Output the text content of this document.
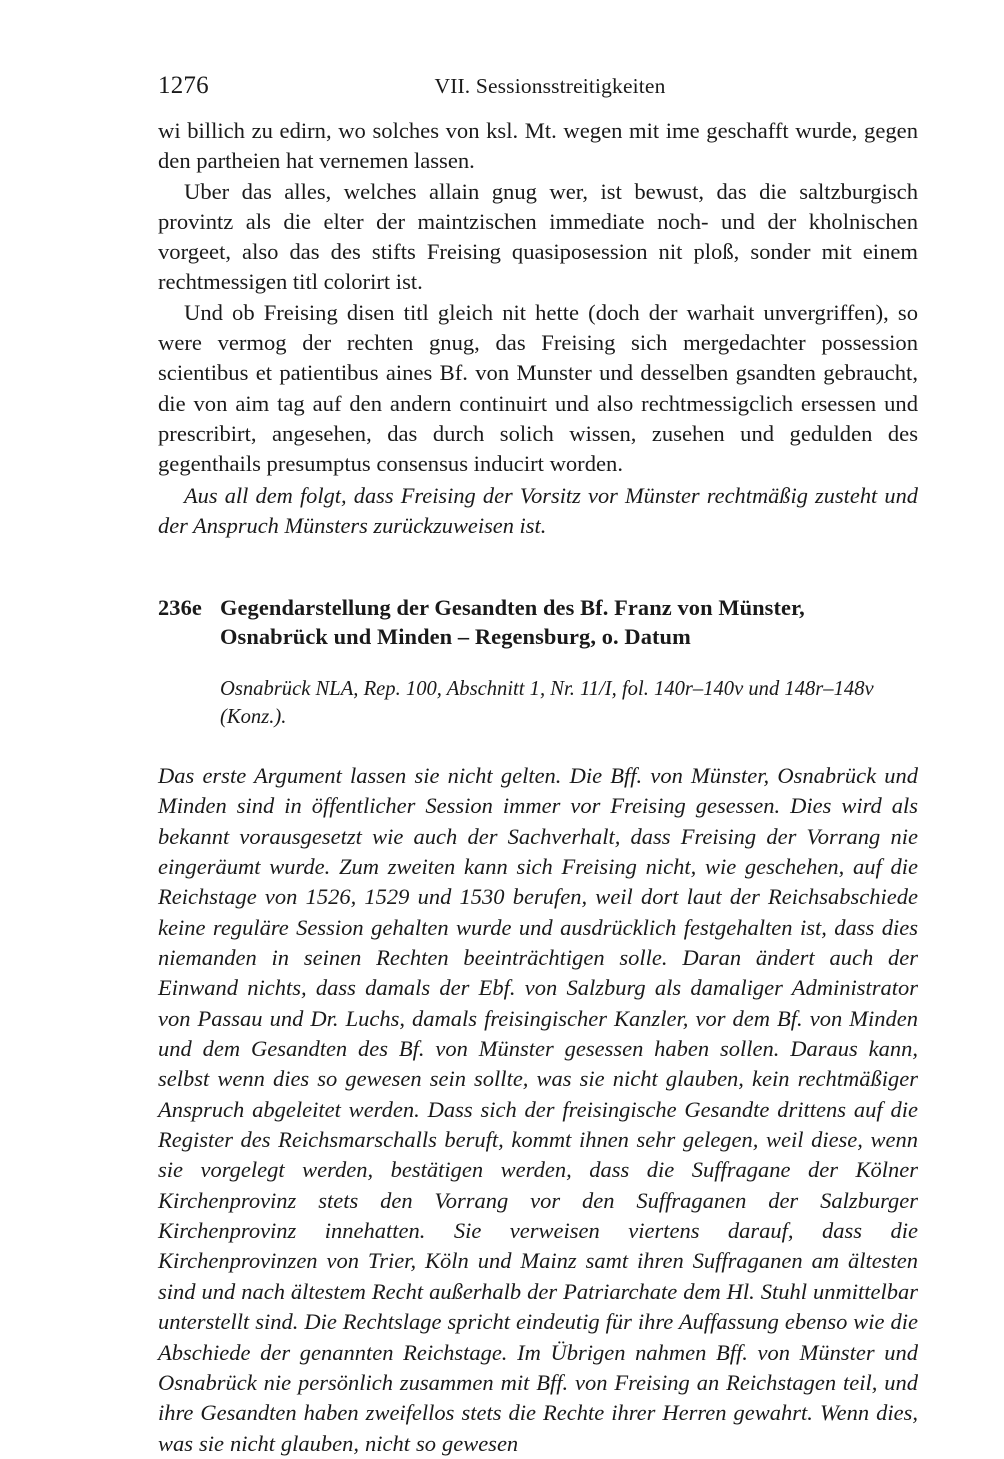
1276	VII. Sessionsstreitigkeiten

wi billich zu edirn, wo solches von ksl. Mt. wegen mit ime geschafft wurde, gegen den partheien hat vernemen lassen.

Uber das alles, welches allain gnug wer, ist bewust, das die saltzburgisch provintz als die elter der maintzischen immediate noch- und der kholnischen vorgeet, also das des stifts Freising quasiposession nit ploß, sonder mit einem rechtmessigen titl colorirt ist.

Und ob Freising disen titl gleich nit hette (doch der warhait unvergriffen), so were vermog der rechten gnug, das Freising sich mergedachter possession scientibus et patientibus aines Bf. von Munster und desselben gsandten gebraucht, die von aim tag auf den andern continuirt und also rechtmessigclich ersessen und prescribirt, angesehen, das durch solich wissen, zusehen und gedulden des gegenthails presumptus consensus inducirt worden.

Aus all dem folgt, dass Freising der Vorsitz vor Münster rechtmäßig zusteht und der Anspruch Münsters zurückzuweisen ist.

236e Gegendarstellung der Gesandten des Bf. Franz von Münster, Osnabrück und Minden – Regensburg, o. Datum

Osnabrück NLA, Rep. 100, Abschnitt 1, Nr. 11/I, fol. 140r–140v und 148r–148v (Konz.).

Das erste Argument lassen sie nicht gelten. Die Bff. von Münster, Osnabrück und Minden sind in öffentlicher Session immer vor Freising gesessen. Dies wird als bekannt vorausgesetzt wie auch der Sachverhalt, dass Freising der Vorrang nie eingeräumt wurde. Zum zweiten kann sich Freising nicht, wie geschehen, auf die Reichstage von 1526, 1529 und 1530 berufen, weil dort laut der Reichsabschiede keine reguläre Session gehalten wurde und ausdrücklich festgehalten ist, dass dies niemanden in seinen Rechten beeinträchtigen solle. Daran ändert auch der Einwand nichts, dass damals der Ebf. von Salzburg als damaliger Administrator von Passau und Dr. Luchs, damals freisingischer Kanzler, vor dem Bf. von Minden und dem Gesandten des Bf. von Münster gesessen haben sollen. Daraus kann, selbst wenn dies so gewesen sein sollte, was sie nicht glauben, kein rechtmäßiger Anspruch abgeleitet werden. Dass sich der freisingische Gesandte drittens auf die Register des Reichsmarschalls beruft, kommt ihnen sehr gelegen, weil diese, wenn sie vorgelegt werden, bestätigen werden, dass die Suffragane der Kölner Kirchenprovinz stets den Vorrang vor den Suffraganen der Salzburger Kirchenprovinz innehatten. Sie verweisen viertens darauf, dass die Kirchenprovinzen von Trier, Köln und Mainz samt ihren Suffraganen am ältesten sind und nach ältestem Recht außerhalb der Patriarchate dem Hl. Stuhl unmittelbar unterstellt sind. Die Rechtslage spricht eindeutig für ihre Auffassung ebenso wie die Abschiede der genannten Reichstage. Im Übrigen nahmen Bff. von Münster und Osnabrück nie persönlich zusammen mit Bff. von Freising an Reichstagen teil, und ihre Gesandten haben zweifellos stets die Rechte ihrer Herren gewahrt. Wenn dies, was sie nicht glauben, nicht so gewesen
